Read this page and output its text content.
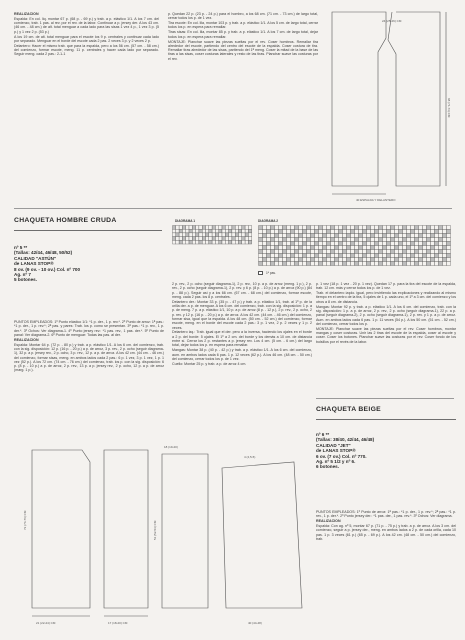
REALIZACION
Espalda: En col. liq. montar 67 p. (68 p. - 69 p.) y trab. a p. elástico 1/1. A los 7 cm. del comienzo, trab. 1 pas. al rev. por el rev. de la labor. Continuar a p. jersey der. A los 43 cm. (46 cm. - 48 cm.) de alt. total menguar a cada lado para las sisas 1 vez 4 p., 1 vez 3 p. (5 p.) y 1 vez 2 p. (53 p.)
A los 19 cm. de alt. total menguar para el escote los 9 p. centrales y continuar cada lado por separado. Menguar en el borde del escote cada 2 pas. 2 veces 3 p. y 2 veces 2 p.
Delantero: Hacer el mismo trab. que para la espalda, pero a los 56 cm. (57 cm. - 58 cm.) del comienzo, formar escote, meng. 11 p. centrales y hacer cada lado por separado. Seguir meng. cada 2 pas.: 2-1-1
p. Quedan 22 p. (23 p. - 24 p.) para el hombro, a los 68 cm. (71 cm. - 73 cm.) de largo total, cerrar todos los p. de 1 vez.
Tira escote: En col. lila, montar 103 p. y trab. a p. elástico 1/1. A los 5 cm. de largo total, cerrar todos los p. en espera para remallar.
Tiras sisas: En col. lila, montar 85 p. y trab. a p. elástico 1/1. A los 7 cm. de largo total, dejar todos los p. en espera para remallar.
MONTAJE: Planchar suave las piezas sueltas por el rev. Coser hombros. Remallar tira alrededor del escote, partiendo del centro del escote de la espalda. Coser costura de tira. Remallar tiras alrededor de las sisas, partiendo del 1ª meng. Coser la mitad de la base de las tiras a las sisas, coser costuras laterales y resto de las tiras. Planchar suave las costuras por el rev.
24 (25-26) CM
68 (71-73) CM
40 ESPALDA Y DELANTERO
CHAQUETA HOMBRE CRUDA
nº 5 **
(Tallas: 42/44, 46/48, 50/52)
CALIDAD "ASTÚN"
de LANAS STOP®
8 ov. (9 ov. - 10 ov.) Col. nº 700
Ag. nº 7
5 botones.
PUNTOS EMPLEADOS: 1º Punto elástico 1/1: *1 p. der., 1 p. rev.*. 2º Punto de arroz: 1ª pas.: *1 p. der., 1 p. rev.*; 2ª pas. y pares: Trab. los p. como se presentan. 3ª pas.: *1 p. rev., 1 p. der.*. 3º Ochos: Ver diagrama-1. 4º Punto jersey rev.: *1 pas. rev., 1 pas. der.*. 5º Punto de panal: Ver diagrama-2. 6º Punto de menguar: Todas las pas. al der.
REALIZACION
Espalda: Montar 64 p. (72 p. - 80 p.) y trab. a p. elástico 1/1. A los 6 cm. del comienzo, trab. con la sig. disposición: 12 p. (16 p. - 20 p.) a p. de arroz, 3 p. rev., 2 p. ocho (seguir diagrama-1), 32 p. a p. jersey rev., 2 p. ocho, 3 p. rev., 12 p. a p. de arroz. A los 42 cm. (44 cm. - 46 cm.) del comienzo, formar sisas, meng. en ambos lados cada 2 pas.: 6 p. 1 vez, 3 p. 1 vez, 1 p. 1 vez (52 p.). A los 72 cm. (74 cm. - 76 cm.) del comienzo, trab. los p. con la sig. disposición: 6 p. (8 p. - 10 p.) a p. de arroz, 2 p. rev., 13 p. a p. jersey rev., 2 p. ocho, 12 p. a p. de arroz (marg. 1 p.).
21 (22-24) CM	17 (18-20) CM
18 (19-20)
4 (4,5-5)
72 (74-76) CM
51 (52-53) CM
40 (44-48)
DIAGRAMA 1	DIAGRAMA 2
1ª pas.
2 p. rev., 2 p. ocho (seguir diagrama-1), 2 p. rev., 10 p. a p. de arroz (meng. 1 p.), 2 p. rev., 2 p. ocho (seguir diagrama-1), 2 p. rev. y 6 p. (8 p. - 10 p.) a p. de arroz (90 p.) (84 p. - 88 p.). Seguir así y a los 66 cm. (67 cm. - 68 cm.) del comienzo, formar escote, meng. cada 2 pas. los 8 p. centrales.
Delantero der.: Montar 33 p. (35 p. - 47 p.) y trab. a p. elástico 1/1, trab. al 1º p. de la orilla der. a p. de menguar. A los 6 cm. del comienzo, trab. con la sig. disposición: 1 p. a p. de meng. 7 p. a p. elástico 1/1, 10 p. a p. de arroz (8 p. - 12 p.), 2 p. rev., 2 p. ocho, 2 p. rev. y 12 p. (16 p. - 20 p.) a p. de arroz. A los 42 cm. (44 cm. - 46 cm.) del comienzo, formar sisa, igual que la espalda. A los 48 cm. (50 cm. - 52 cm.) del comienzo, formar escote, meng. en el borde del escote cada 2 pas.: 3 p. 1 vez, 2 p. 2 veces y 1 p. 2 veces.
Delantero izq.: Trab. igual que el der. pero a la inversa, haciendo los ojales en el borde a 2 p. del borde: 5 ojales. El 1º a 2 cm. del borde y los demás a 10 cm. de distancia entre sí. Cerrar los 2 p. restantes a p. jersey rev. Los 4 cm. (5 cm. - 6 cm.) del largo total, dejar todos los p. en espera para remallar.
Mangas: Montar 38 p. (40 p. - 42 p.) y trab. a p. elástico 1/1. A los 6 cm. del comienzo, aum. en ambos lados cada 6 pas. 1 p. 12 veces (62 p.). A los 46 cm. (48 cm. - 50 cm.) del comienzo, cerrar todos los p. de 1 vez.
Cuello: Montar 25 p. y trab. a p. de arroz 4 cm.
p. 1 vez (18 p. 1 vez - 20 p. 1 vez). Quedan 17 p. para la tira del escote de la espalda, trab. 12 cm. más y cerrar todos los p. de 1 vez.
Trab. el delantero izqdo. igual, pero invirtiendo las explicaciones y realizando al mismo tiempo en el centro de la tira, 5 ojales de 1 p. cada uno, el 1º a 3 cm. del comienzo y los otros a 8 cm. de distancia.
Mangas: Montar 92 p. y trab. a p. elástico 1/1. A los 6 cm. del comienzo, trab. con la sig. disposición: 1 p. a p. de arroz, 2 p. rev., 2 p. ocho (seguir diagrama-1), 22 p. a p. panal (seguir diagrama-2), 2 p. ocho (seguir diagrama-1), 2 p. rev. y 1 p. a p. de arroz. Aum. en ambos lados cada 6 pas. 1 p. 11 veces (54 p.). A los 50 cm. (51 cm. - 52 cm.) del comienzo, cerrar todos los p.
MONTAJE: Planchar suave las piezas sueltas por el rev. Coser hombros, montar mangas y coser costuras. Unir las 2 tiras del escote de la espalda, coser al escote y coser. Coser los botones. Planchar suave las costuras por el rev. Coser fondo de los bolsillos por el revés de la labor.
CHAQUETA BEIGE
nº 6 **
(Tallas: 38/40, 42/44, 46/48)
CALIDAD "JET"
de LANAS STOP®
6 ov. (7 ov.) Col. nº 770.
Ag. nº 5 1/2 y nº 6.
6 botones.
PUNTOS EMPLEADOS: 1º Punto de arroz: 1ª pas.: *1 p. der., 1 p. rev.*; 2ª pas.: *1 p. rev., 1 p. der.*. 2º Punto jersey der.: *1 pas. der., 1 pas. rev.*. 3º Ochos: Ver diagrama.
REALIZACION
Espalda: Con ag. nº 5, montar 67 p. (71 p. - 75 p.) y trab. a p. de arroz. A los 3 cm. del comienzo, seguir a p. jersey der., meng. en ambos lados a 2 p. de cada orilla, cada 10 pas. 1 p. 3 veces (61 p.) (65 p. - 69 p.). A los 42 cm. (48 cm. - 50 cm.) del comienzo, trab.
